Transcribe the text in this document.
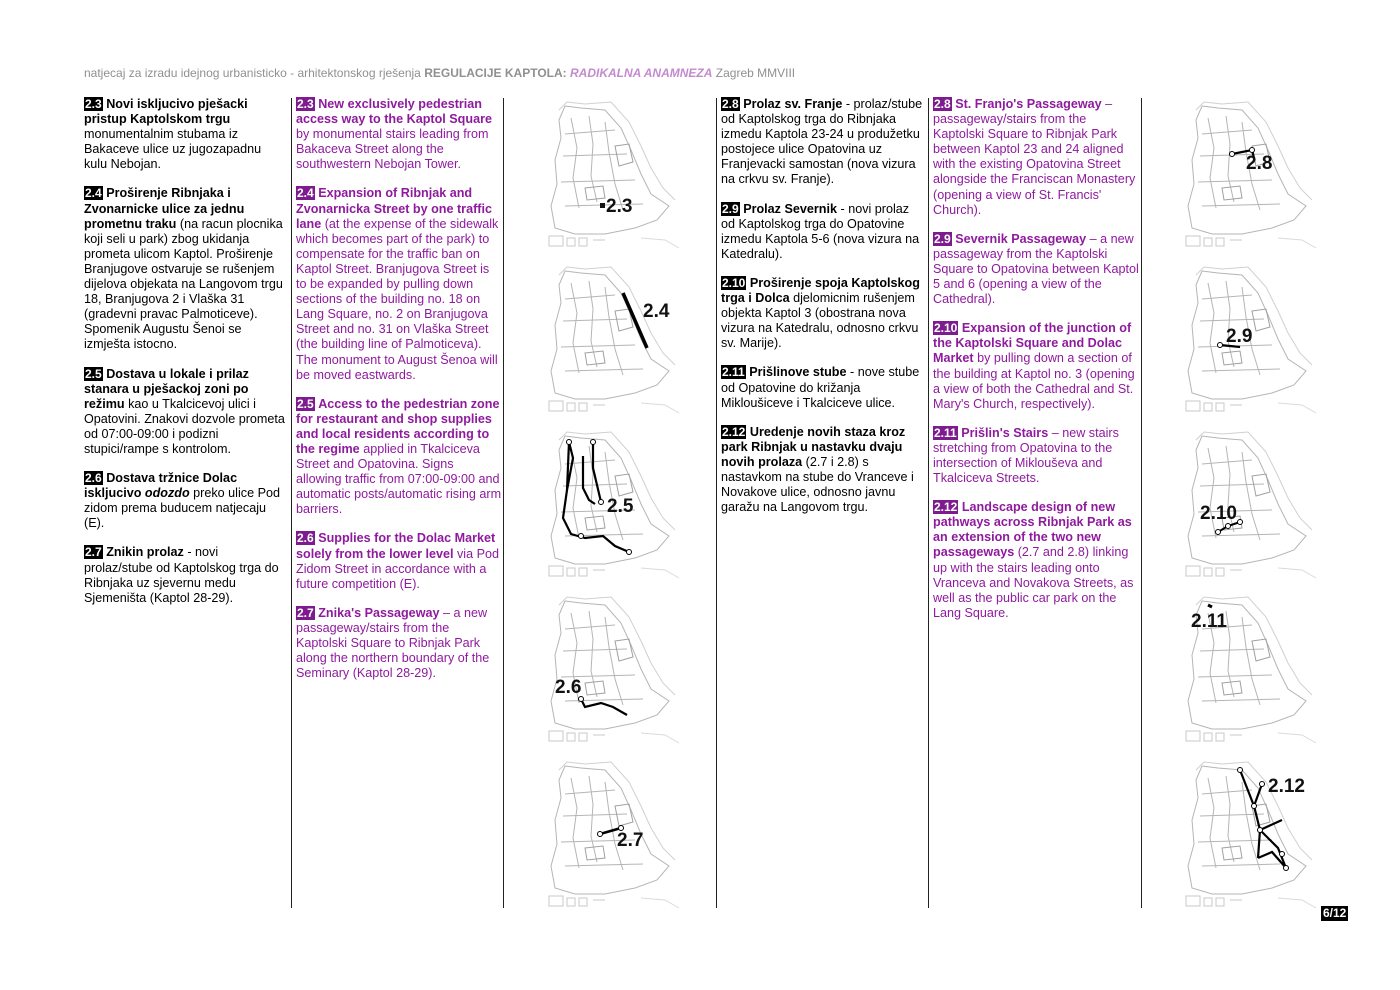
natjecaj za izradu idejnog urbanisticko - arhitektonskog rješenja REGULACIJE KAPTOLA: RADIKALNA ANAMNEZA Zagreb MMVIII
2.3 Novi iskljucivo pješacki pristup Kaptolskom trgu monumentalnim stubama iz Bakaceve ulice uz jugozapadnu kulu Nebojan.
2.4 Proširenje Ribnjaka i Zvonarnicke ulice za jednu prometnu traku (na racun plocnika koji seli u park) zbog ukidanja prometa ulicom Kaptol. Proširenje Branjugove ostvaruje se rušenjem dijelova objekata na Langovom trgu 18, Branjugova 2 i Vlaška 31 (gradevni pravac Palmoticeve). Spomenik Augustu Šenoi se izmješta istocno.
2.5 Dostava u lokale i prilaz stanara u pješackoj zoni po režimu kao u Tkalcicevoj ulici i Opatovini. Znakovi dozvole prometa od 07:00-09:00 i podizni stupici/rampe s kontrolom.
2.6 Dostava tržnice Dolac iskljucivo odozdo preko ulice Pod zidom prema buducem natjecaju (E).
2.7 Znikin prolaz - novi prolaz/stube od Kaptolskog trga do Ribnjaka uz sjevernu medu Sjemeništa (Kaptol 28-29).
2.3 New exclusively pedestrian access way to the Kaptol Square by monumental stairs leading from Bakaceva Street along the southwestern Nebojan Tower.
2.4 Expansion of Ribnjak and Zvonarnicka Street by one traffic lane (at the expense of the sidewalk which becomes part of the park) to compensate for the traffic ban on Kaptol Street. Branjugova Street is to be expanded by pulling down sections of the building no. 18 on Lang Square, no. 2 on Branjugova Street and no. 31 on Vlaška Street (the building line of Palmoticeva). The monument to August Šenoa will be moved eastwards.
2.5 Access to the pedestrian zone for restaurant and shop supplies and local residents according to the regime applied in Tkalciceva Street and Opatovina. Signs allowing traffic from 07:00-09:00 and automatic posts/automatic rising arm barriers.
2.6 Supplies for the Dolac Market solely from the lower level via Pod Zidom Street in accordance with a future competition (E).
2.7 Znika's Passageway – a new passageway/stairs from the Kaptolski Square to Ribnjak Park along the northern boundary of the Seminary (Kaptol 28-29).
2.8 Prolaz sv. Franje - prolaz/stube od Kaptolskog trga do Ribnjaka izmedu Kaptola 23-24 u produžetku postojece ulice Opatovina uz Franjevacki samostan (nova vizura na crkvu sv. Franje).
2.9 Prolaz Severnik - novi prolaz od Kaptolskog trga do Opatovine izmedu Kaptola 5-6 (nova vizura na Katedralu).
2.10 Proširenje spoja Kaptolskog trga i Dolca djelomicnim rušenjem objekta Kaptol 3 (obostrana nova vizura na Katedralu, odnosno crkvu sv. Marije).
2.11 Prišlinove stube - nove stube od Opatovine do križanja Mikloušiceve i Tkalciceve ulice.
2.12 Uredenje novih staza kroz park Ribnjak u nastavku dvaju novih prolaza (2.7 i 2.8) s nastavkom na stube do Vranceve i Novakove ulice, odnosno javnu garažu na Langovom trgu.
2.8 St. Franjo's Passageway – passageway/stairs from the Kaptolski Square to Ribnjak Park between Kaptol 23 and 24 aligned with the existing Opatovina Street alongside the Franciscan Monastery (opening a view of St. Francis' Church).
2.9 Severnik Passageway – a new passageway from the Kaptolski Square to Opatovina between Kaptol 5 and 6 (opening a view of the Cathedral).
2.10 Expansion of the junction of the Kaptolski Square and Dolac Market by pulling down a section of the building at Kaptol no. 3 (opening a view of both the Cathedral and St. Mary's Church, respectively).
2.11 Prišlin's Stairs – new stairs stretching from Opatovina to the intersection of Miklouševa and Tkalciceva Streets.
2.12 Landscape design of new pathways across Ribnjak Park as an extension of the two new passageways (2.7 and 2.8) linking up with the stairs leading onto Vranceva and Novakova Streets, as well as the public car park on the Lang Square.
2.3
2.4
2.5
2.6
2.7
2.8
2.9
2.10
2.11
2.12
6/12
